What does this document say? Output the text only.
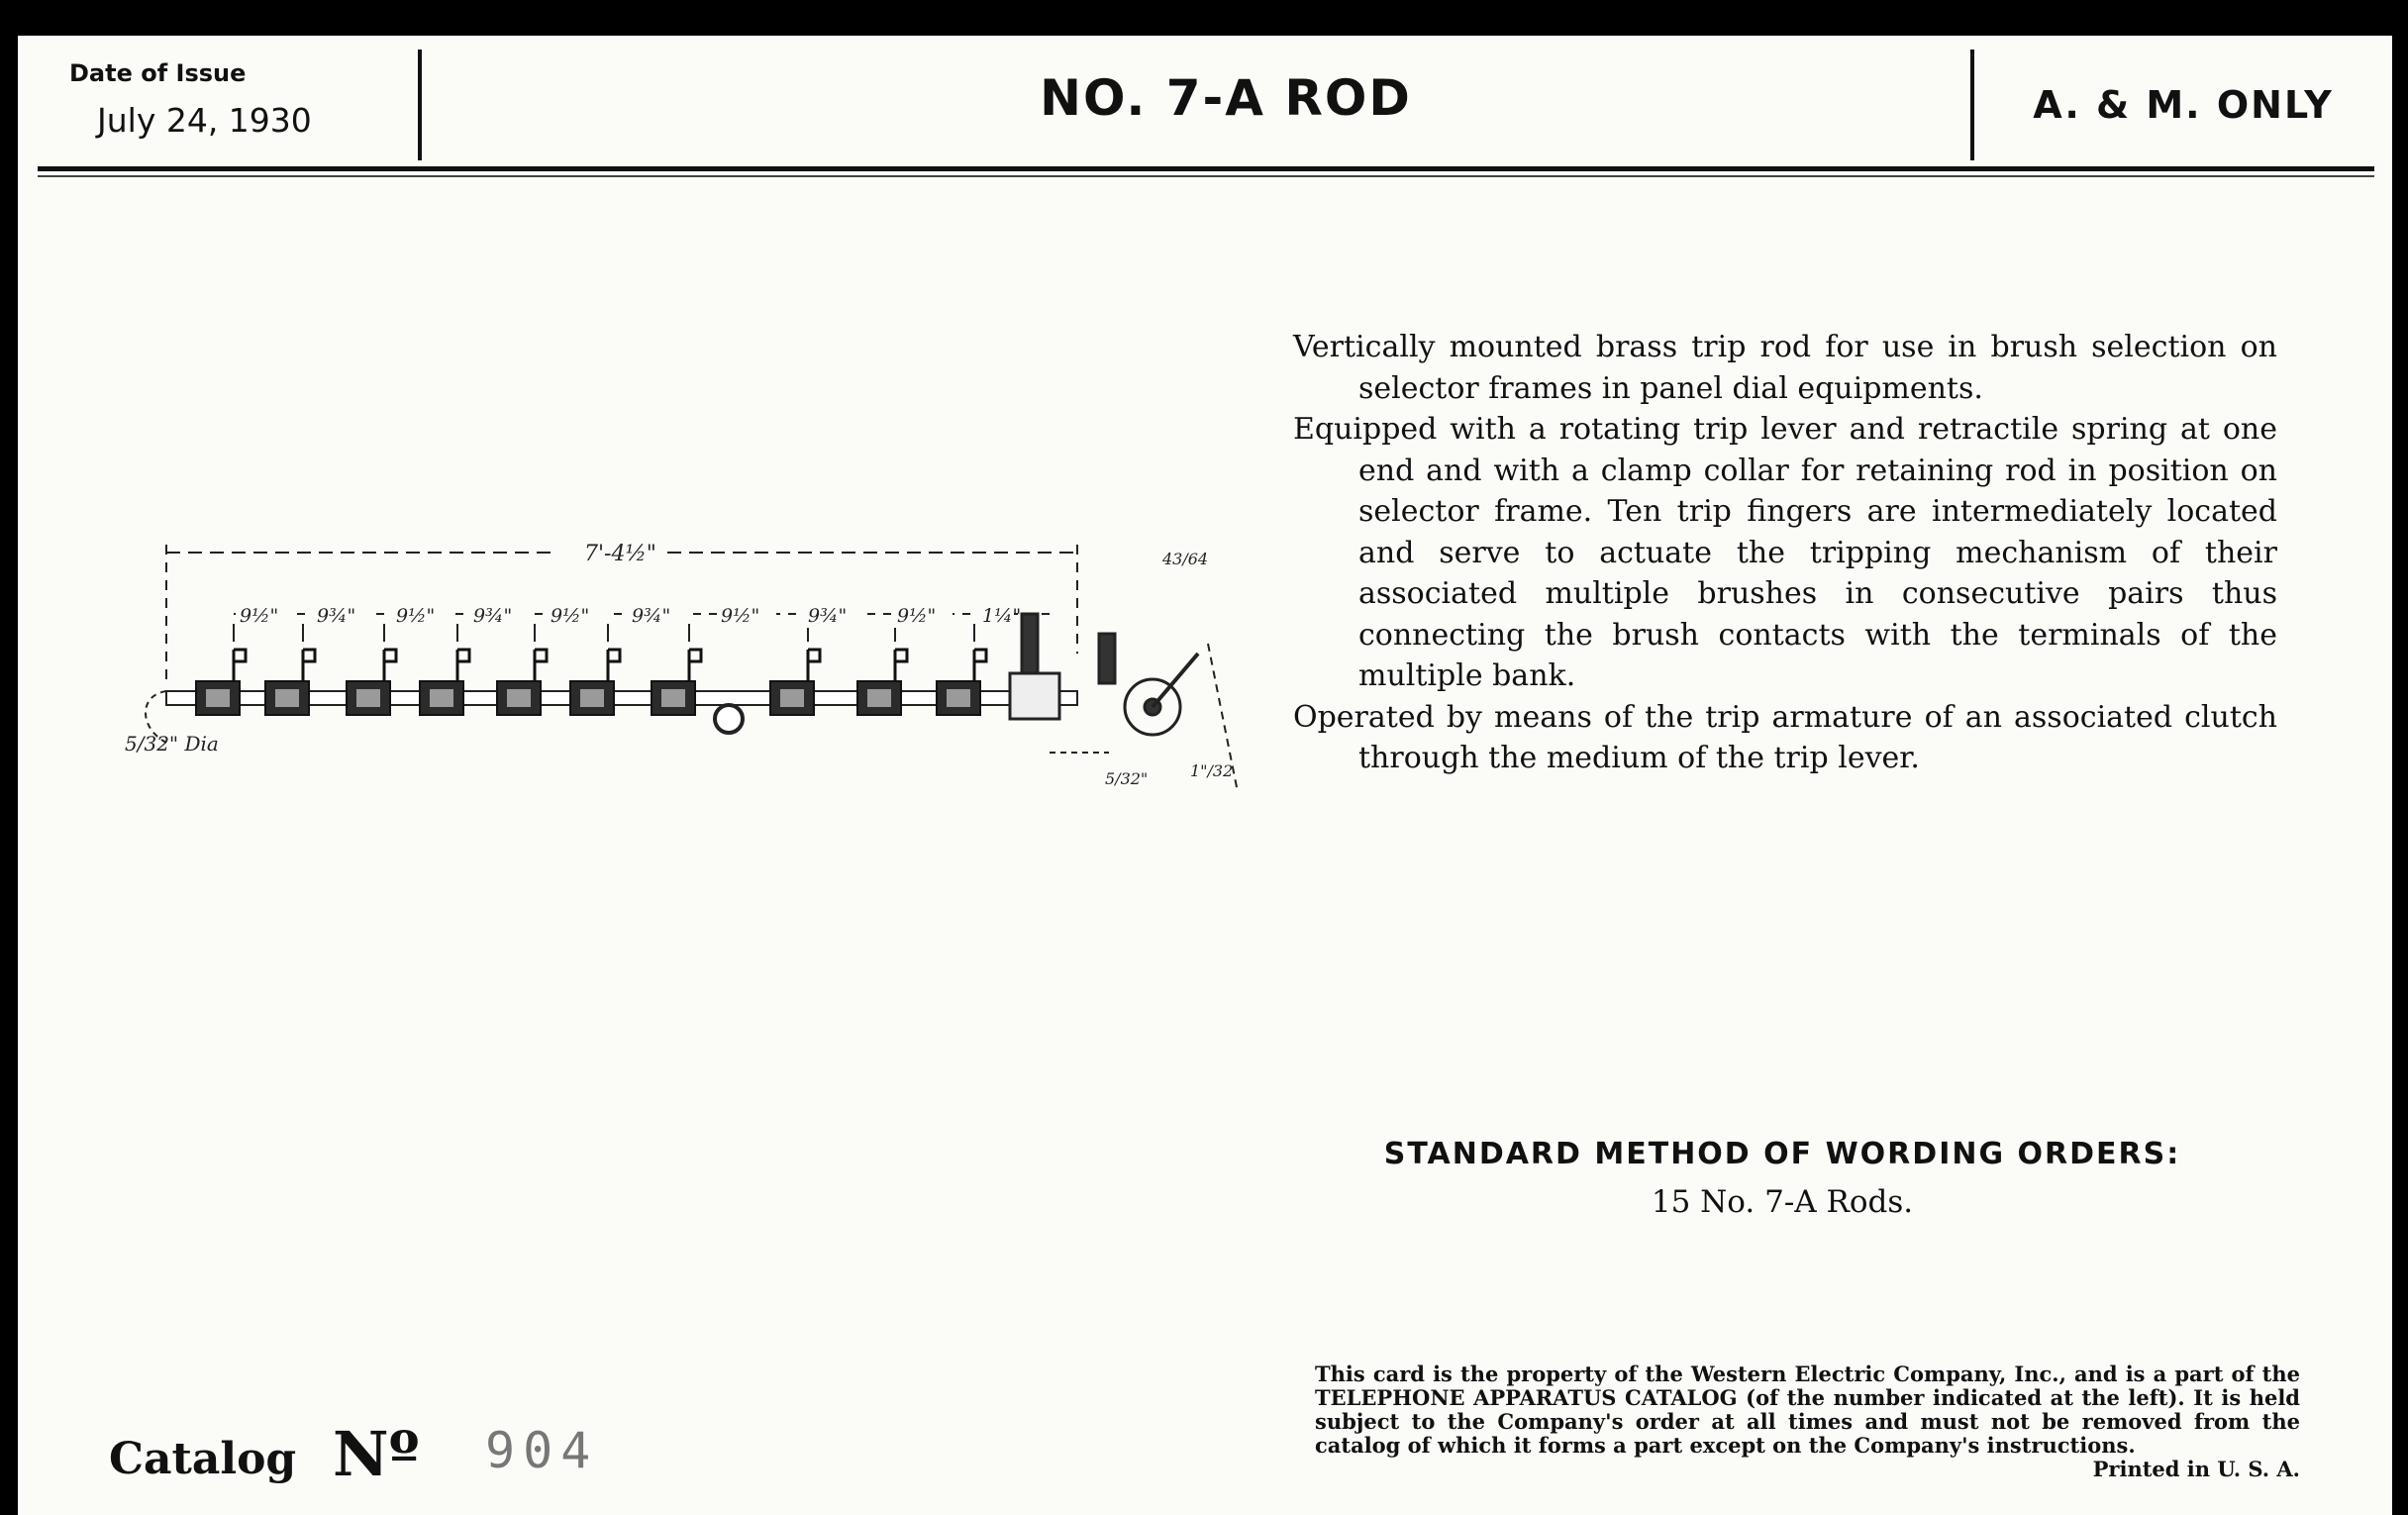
Date of Issue
July 24, 1930	NO. 7-A ROD	A. & M. ONLY
7'-4½"
5/32" Dia
43/64
5/32"	1"/32
9½" 9¾" 9½" 9¾" 9½" 9¾"	9½"	9¾"	9½" 1¼"

Vertically mounted brass trip rod for use in brush selection on selector frames in panel dial equipments.

Equipped with a rotating trip lever and retractile spring at one end and with a clamp collar for retaining rod in position on selector frame. Ten trip fingers are intermediately located and serve to actuate the tripping mechanism of their associated multiple brushes in consecutive pairs thus connecting the brush contacts with the terminals of the multiple bank.

Operated by means of the trip armature of an associated clutch through the medium of the trip lever.

STANDARD METHOD OF WORDING ORDERS:
15 No. 7-A Rods.
This card is the property of the Western Electric Company, Inc., and is a part of the TELEPHONE APPARATUS CATALOG (of the number indicated at the left). It is held subject to the Company's order at all times and must not be removed from the catalog of which it forms a part except on the Company's instructions.
Printed in U. S. A.
Catalog Nº 904
